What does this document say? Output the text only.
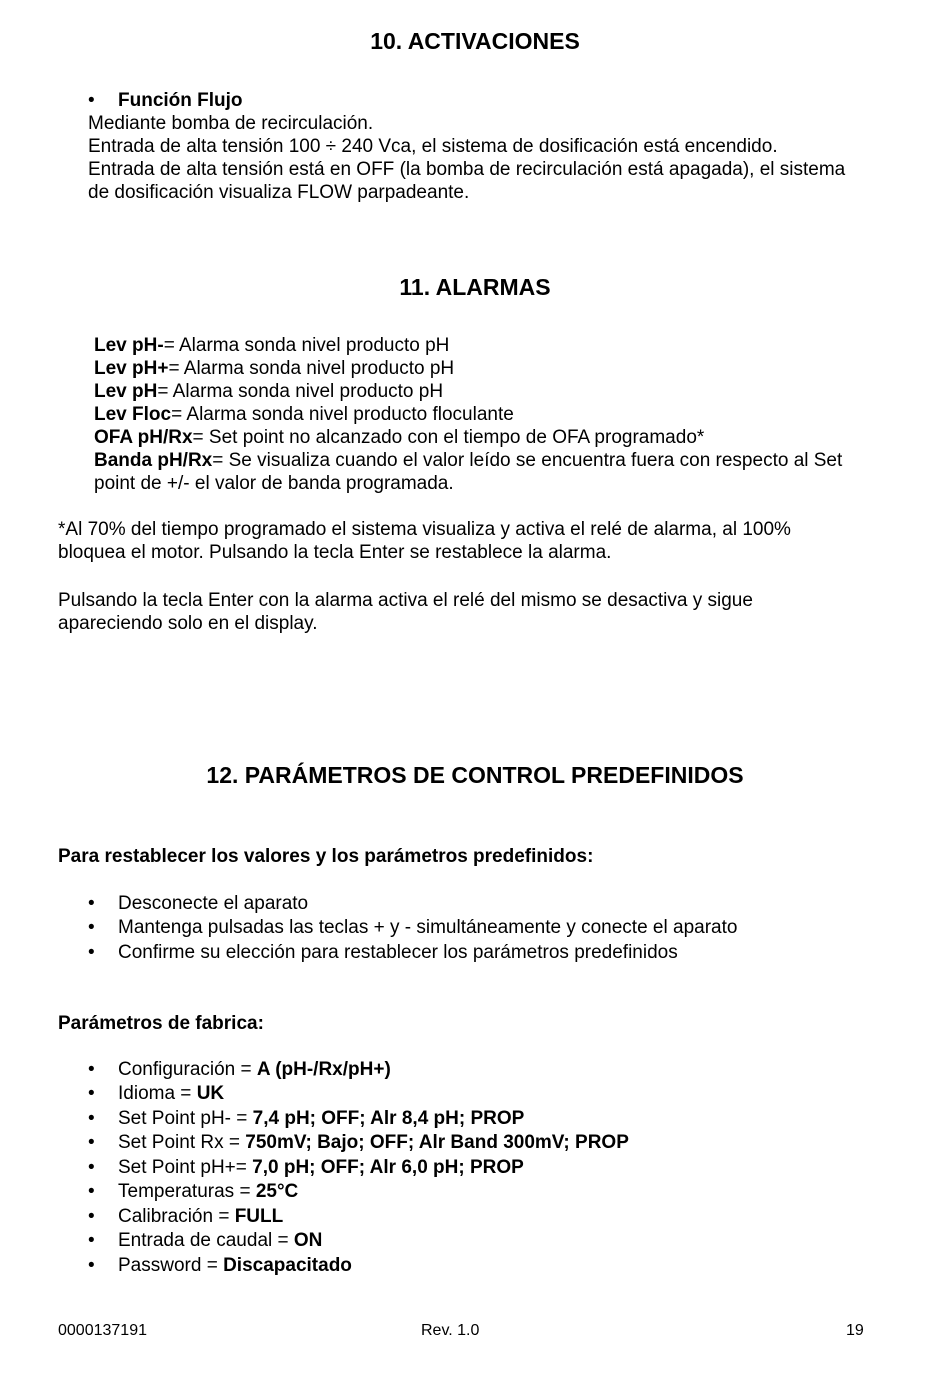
10. ACTIVACIONES
Función Flujo
Mediante bomba de recirculación.
Entrada de alta tensión 100 ÷ 240 Vca, el sistema de dosificación está encendido.
Entrada de alta tensión está en OFF (la bomba de recirculación está apagada), el sistema
de dosificación visualiza FLOW parpadeante.
11. ALARMAS
Lev pH-= Alarma sonda nivel producto pH
Lev pH+= Alarma sonda nivel producto pH
Lev pH= Alarma sonda nivel producto pH
Lev Floc= Alarma sonda nivel producto floculante
OFA pH/Rx= Set point no alcanzado con el tiempo de OFA programado*
Banda pH/Rx= Se visualiza cuando el valor leído se encuentra fuera con respecto al Set
point de +/- el valor de banda programada.
*Al 70% del tiempo programado el sistema visualiza y activa el relé de alarma, al 100%
bloquea el motor. Pulsando la tecla Enter se restablece la alarma.
Pulsando la tecla Enter con la alarma activa el relé del mismo se desactiva y sigue
apareciendo solo en el display.
12. PARÁMETROS DE CONTROL PREDEFINIDOS
Para restablecer los valores y los parámetros predefinidos:
Desconecte el aparato
Mantenga pulsadas las teclas + y - simultáneamente y conecte el aparato
Confirme su elección para restablecer los parámetros predefinidos
Parámetros de fabrica:
Configuración = A (pH-/Rx/pH+)
Idioma = UK
Set Point pH- = 7,4 pH; OFF; Alr 8,4 pH; PROP
Set Point Rx = 750mV; Bajo; OFF; Alr Band 300mV; PROP
Set Point pH+= 7,0 pH; OFF; Alr 6,0 pH; PROP
Temperaturas = 25°C
Calibración = FULL
Entrada de caudal = ON
Password = Discapacitado
0000137191	Rev. 1.0	19
